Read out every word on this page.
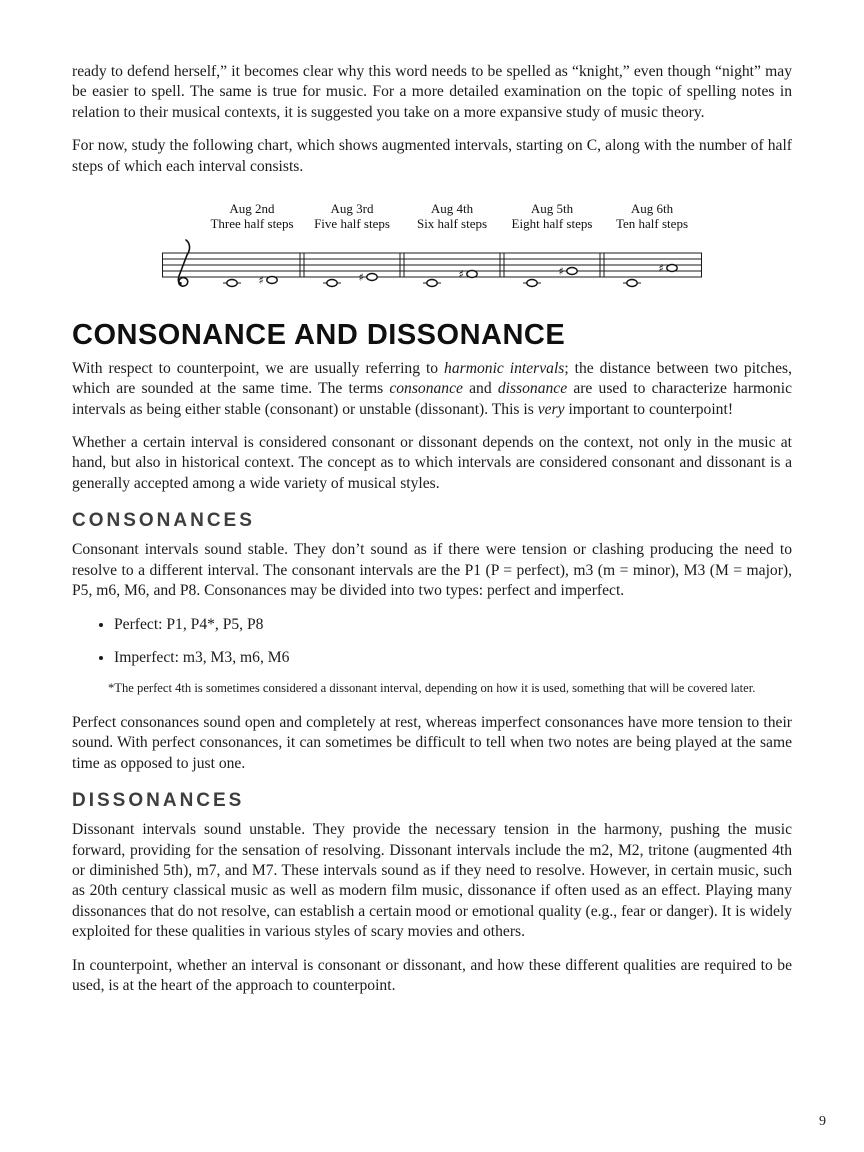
ready to defend herself,” it becomes clear why this word needs to be spelled as “knight,” even though “night” may be easier to spell. The same is true for music. For a more detailed examination on the topic of spelling notes in relation to their musical contexts, it is suggested you take on a more expansive study of music theory.

For now, study the following chart, which shows augmented intervals, starting on C, along with the number of half steps of which each interval consists.

Aug 2nd
Three half steps
Aug 3rd
Five half steps
Aug 4th
Six half steps
Aug 5th
Eight half steps
Aug 6th
Ten half steps
♯	♯	♯	♯	♯
CONSONANCE AND DISSONANCE

With respect to counterpoint, we are usually referring to harmonic intervals; the distance between two pitches, which are sounded at the same time. The terms consonance and dissonance are used to characterize harmonic intervals as being either stable (consonant) or unstable (dissonant). This is very important to counterpoint!

Whether a certain interval is considered consonant or dissonant depends on the context, not only in the music at hand, but also in historical context. The concept as to which intervals are considered consonant and dissonant is a generally accepted among a wide variety of musical styles.

CONSONANCES

Consonant intervals sound stable. They don’t sound as if there were tension or clashing producing the need to resolve to a different interval. The consonant intervals are the P1 (P = perfect), m3 (m = minor), M3 (M = major), P5, m6, M6, and P8. Consonances may be divided into two types: perfect and imperfect.

• Perfect: P1, P4*, P5, P8
• Imperfect: m3, M3, m6, M6

*The perfect 4th is sometimes considered a dissonant interval, depending on how it is used, something that will be covered later.

Perfect consonances sound open and completely at rest, whereas imperfect consonances have more tension to their sound. With perfect consonances, it can sometimes be difficult to tell when two notes are being played at the same time as opposed to just one.

DISSONANCES

Dissonant intervals sound unstable. They provide the necessary tension in the harmony, pushing the music forward, providing for the sensation of resolving. Dissonant intervals include the m2, M2, tritone (augmented 4th or diminished 5th), m7, and M7. These intervals sound as if they need to resolve. However, in certain music, such as 20th century classical music as well as modern film music, dissonance if often used as an effect. Playing many dissonances that do not resolve, can establish a certain mood or emotional quality (e.g., fear or danger). It is widely exploited for these qualities in various styles of scary movies and others.

In counterpoint, whether an interval is consonant or dissonant, and how these different qualities are required to be used, is at the heart of the approach to counterpoint.

9
